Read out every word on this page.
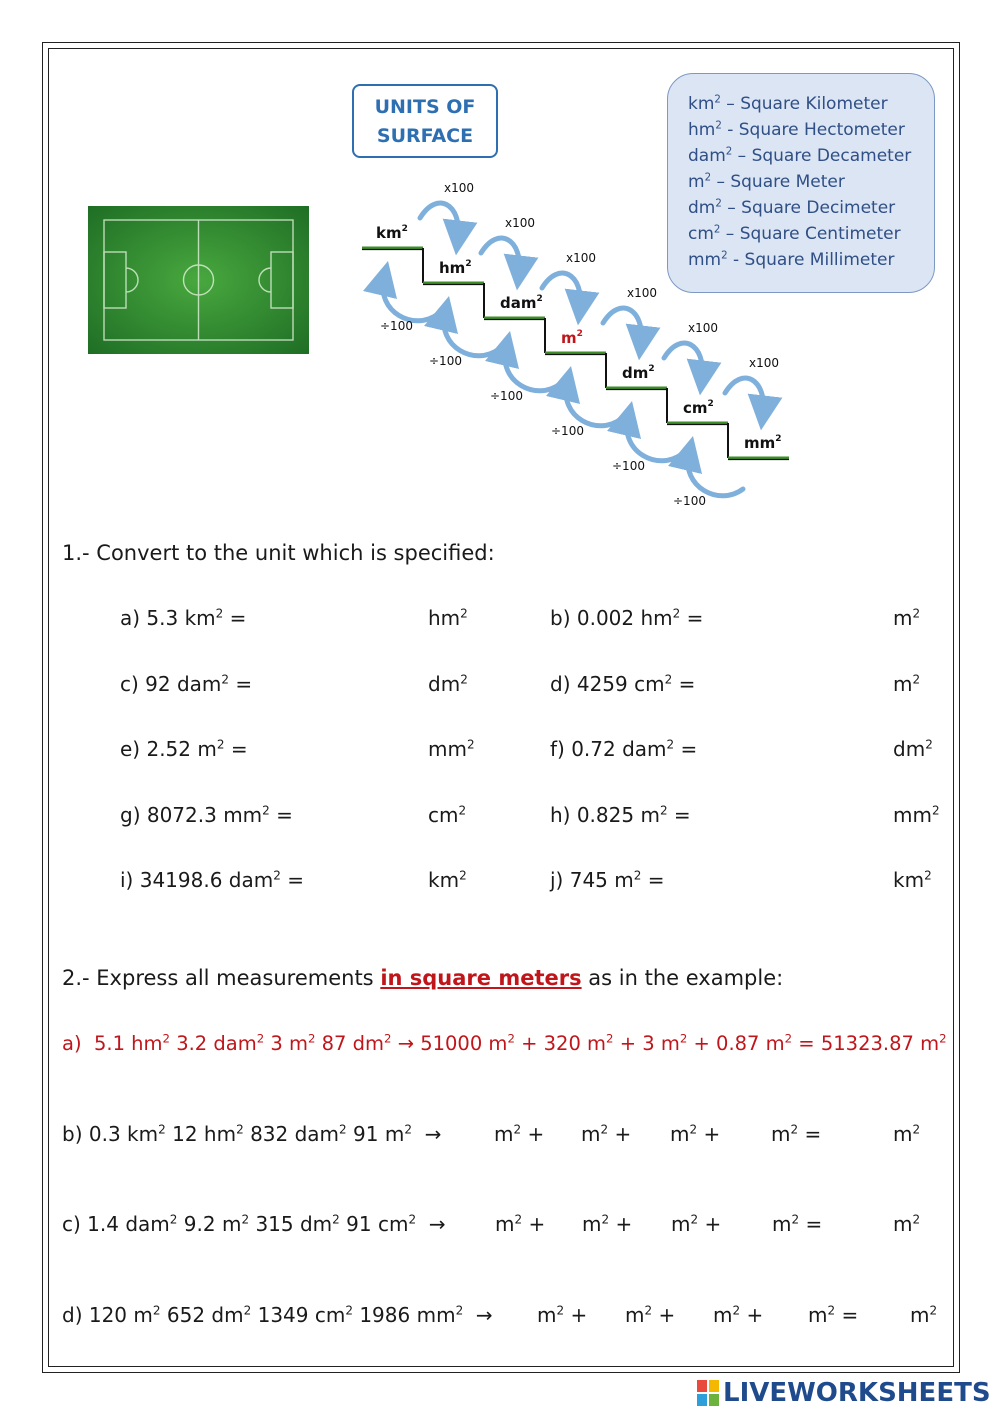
UNITS OF
SURFACE
$km^2$ – Square Kilometer
$hm^2$ - Square Hectometer
dam$^2$ – Square Decameter
$m^2$ – Square Meter
$dm^2$ – Square Decimeter
$cm^2$ – Square Centimeter
$mm^2$ - Square Millimeter
$km^2$
$hm^2$
dam$^2$
$m^2$
$dm^2$
$cm^2$
$mm^2$
x100
÷100
x100
÷100
x100
÷100
x100
÷100
x100
÷100
x100
÷100
1.- Convert to the unit which is specified:
a) 5.3 $km^2$ =	$hm^2$	b) 0.002 $hm^2$ =	$m^2$
c) 92 dam$^2$ =	$dm^2$	d) 4259 $cm^2$ =	$m^2$
e) 2.52 $m^2$ =	$mm^2$	f) 0.72 dam$^2$ =	$dm^2$
g) 8072.3 $mm^2$ =	$cm^2$	h) 0.825 $m^2$ =	$mm^2$
i) 34198.6 dam$^2$ =	$km^2$	j) 745 $m^2$ =	$km^2$
2.- Express all measurements in square meters as in the example:
a) 5.1 $hm^2$ 3.2 dam$^2$ 3 $m^2$ 87 $dm^2 \to 51000$ $m^2 + 320$ $m^2 + 3$ $m^2 + 0.87$ $m^2 = 51323.87$ $m^2$
b) 0.3 $km^2$ 12 $hm^2$ 832 dam$^2$ 91 $m^2$ →	$m^2 + m^2 + m^2$ +	$m^2$ =	$m^2$
c) 1.4 dam$^2$ 9.2 $m^2$ 315 $dm^2$ 91 $cm^2 \to m^2 + m^2 + m^2$ +	$m^2$ =	$m^2$
d) 120 $m^2$ 652 $dm^2$ 1349 $cm^2$ 1986 $mm^2 \to m^2 + m^2 + m^2 + m^2$ =	$m^2$
LIVEWORKSHEETS
